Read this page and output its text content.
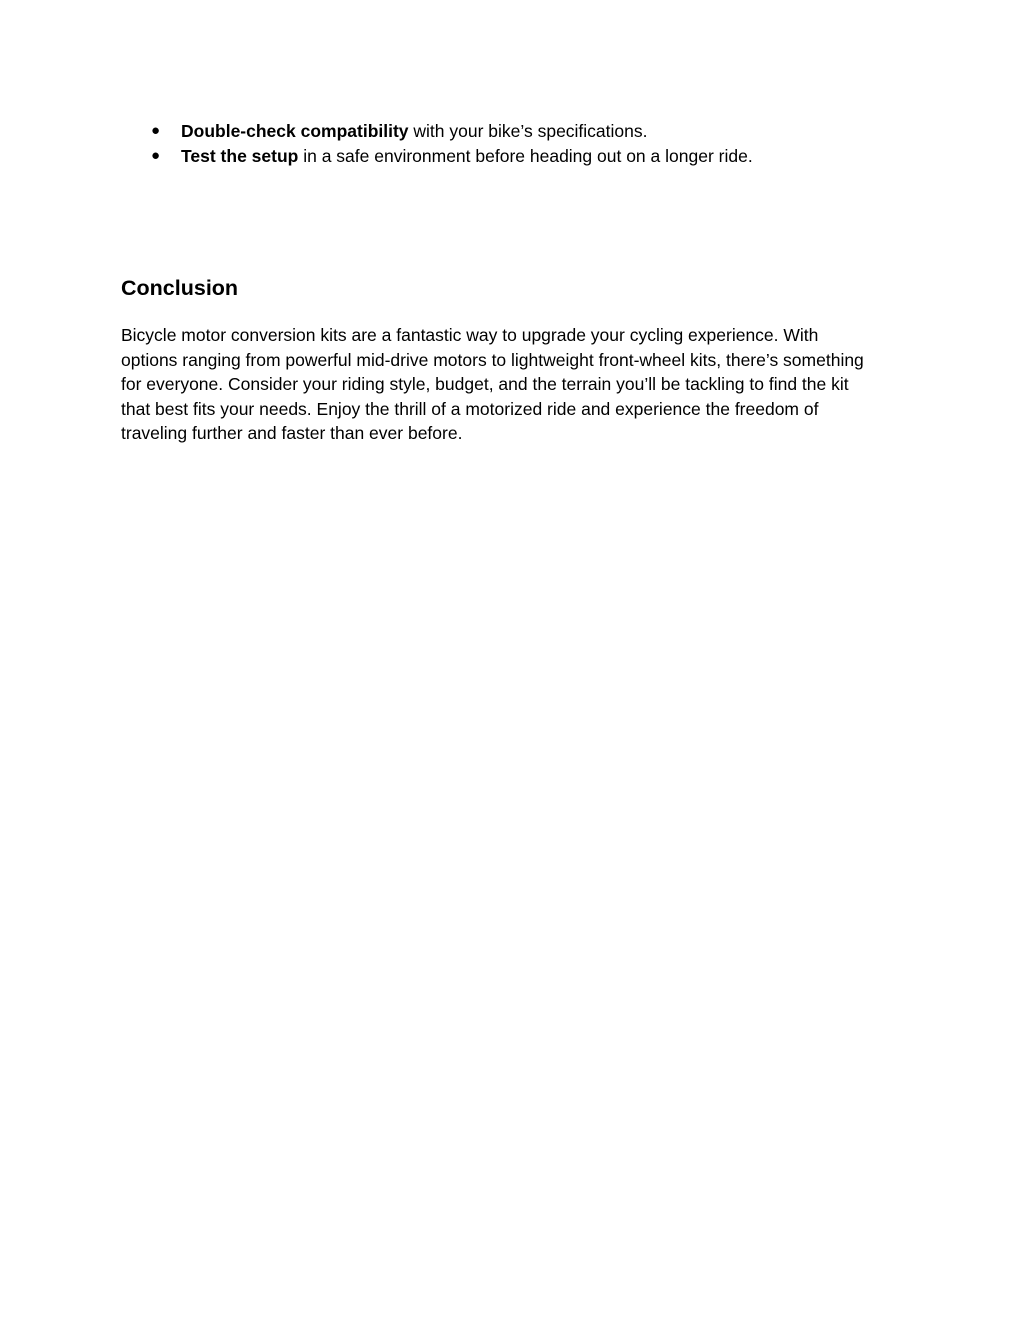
● Double-check compatibility with your bike’s specifications.
● Test the setup in a safe environment before heading out on a longer ride.
Conclusion

Bicycle motor conversion kits are a fantastic way to upgrade your cycling experience. With
options ranging from powerful mid-drive motors to lightweight front-wheel kits, there’s something
for everyone. Consider your riding style, budget, and the terrain you’ll be tackling to find the kit
that best fits your needs. Enjoy the thrill of a motorized ride and experience the freedom of
traveling further and faster than ever before.
